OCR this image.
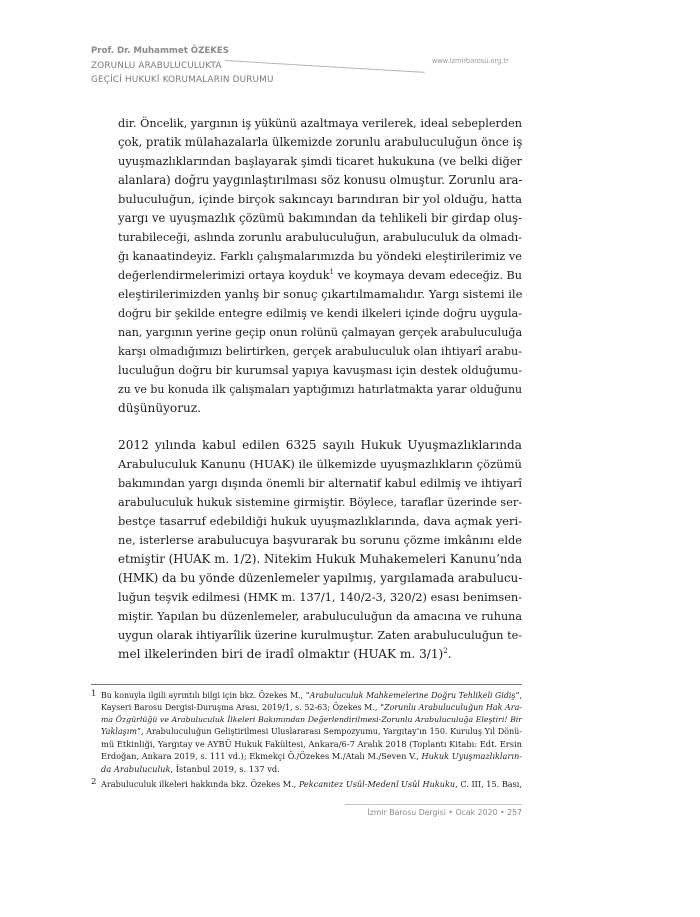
Prof. Dr. Muhammet ÖZEKES
ZORUNLU ARABULUCULUKTA
GEÇİCİ HUKUKİ KORUMALARIN DURUMU
www.izmirbarosu.org.tr
dir. Öncelik, yargının iş yükünü azaltmaya verilerek, ideal sebeplerden
çok, pratik mülahazalarla ülkemizde zorunlu arabuluculuğun önce iş
uyuşmazlıklarından başlayarak şimdi ticaret hukukuna (ve belki diğer
alanlara) doğru yaygınlaştırılması söz konusu olmuştur. Zorunlu ara-
buluculuğun, içinde birçok sakıncayı barındıran bir yol olduğu, hatta
yargı ve uyuşmazlık çözümü bakımından da tehlikeli bir girdap oluş-
turabileceği, aslında zorunlu arabuluculuğun, arabuluculuk da olmadı-
ğı kanaatindeyiz. Farklı çalışmalarımızda bu yöndeki eleştirilerimiz ve
değerlendirmelerimizi ortaya koyduk$^1$ ve koymaya devam edeceğiz. Bu
eleştirilerimizden yanlış bir sonuç çıkartılmamalıdır. Yargı sistemi ile
doğru bir şekilde entegre edilmiş ve kendi ilkeleri içinde doğru uygula-
nan, yargının yerine geçip onun rolünü çalmayan gerçek arabuluculuğa
karşı olmadığımızı belirtirken, gerçek arabuluculuk olan ihtiyarî arabu-
luculuğun doğru bir kurumsal yapıya kavuşması için destek olduğumu-
zu ve bu konuda ilk çalışmaları yaptığımızı hatırlatmakta yarar olduğunu
düşünüyoruz.
2012 yılında kabul edilen 6325 sayılı Hukuk Uyuşmazlıklarında
Arabuluculuk Kanunu (HUAK) ile ülkemizde uyuşmazlıkların çözümü
bakımından yargı dışında önemli bir alternatif kabul edilmiş ve ihtiyarî
arabuluculuk hukuk sistemine girmiştir. Böylece, taraflar üzerinde ser-
bestçe tasarruf edebildiği hukuk uyuşmazlıklarında, dava açmak yeri-
ne, isterlerse arabulucuya başvurarak bu sorunu çözme imkânını elde
etmiştir (HUAK m. 1/2). Nitekim Hukuk Muhakemeleri Kanunu’nda
(HMK) da bu yönde düzenlemeler yapılmış, yargılamada arabulucu-
luğun teşvik edilmesi (HMK m. 137/1, 140/2-3, 320/2) esası benimsen-
miştir. Yapılan bu düzenlemeler, arabuluculuğun da amacına ve ruhuna
uygun olarak ihtiyarîlik üzerine kurulmuştur. Zaten arabuluculuğun te-
mel ilkelerinden biri de iradî olmaktır (HUAK m. 3/1)$^2$.
1 Bu konuyla ilgili ayrıntılı bilgi için bkz. Özekes M., “Arabuluculuk Mahkemelerine Doğru Tehlikeli Gidiş”,
Kayseri Barosu Dergisi-Duruşma Arası, 2019/1, s. 52-63; Özekes M., “Zorunlu Arabuluculuğun Hak Ara-
ma Özgürlüğü ve Arabuluculuk İlkeleri Bakımından Değerlendirilmesi-Zorunlu Arabuluculuğa Eleştiri! Bir
Yaklaşım”, Arabuluculuğun Geliştirilmesi Uluslararası Sempozyumu, Yargıtay’ın 150. Kuruluş Yıl Dönü-
mü Etkinliği, Yargıtay ve AYBÜ Hukuk Fakültesi, Ankara/6-7 Aralık 2018 (Toplantı Kitabı: Edt. Ersin
Erdoğan, Ankara 2019, s. 111 vd.); Ekmekçi Ö./Özekes M./Atalı M./Seven V., Hukuk Uyuşmazlıkların-
da Arabuluculuk, İstanbul 2019, s. 137 vd.
2 Arabuluculuk ilkeleri hakkında bkz. Özekes M., Pekcanıtez Usûl-Medenî Usûl Hukuku, C. III, 15. Bası,
İzmir Barosu Dergisi • Ocak 2020 • 257
